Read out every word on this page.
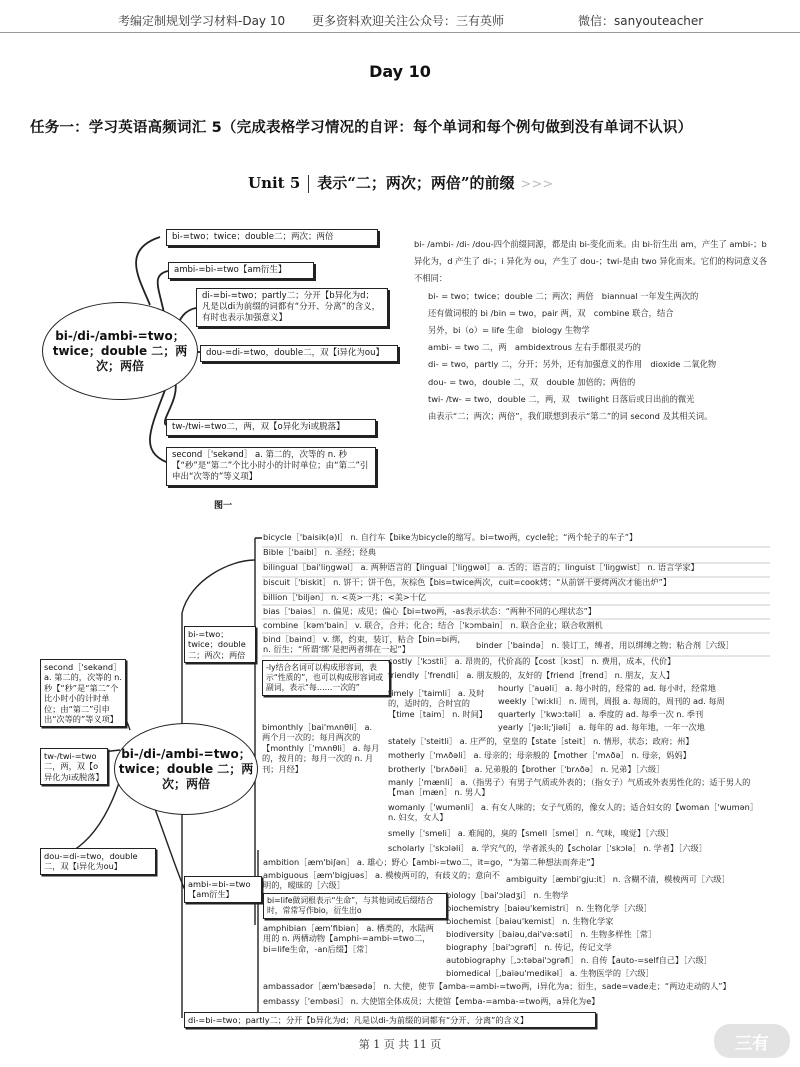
考编定制规划学习材料-Day 10 更多资料欢迎关注公众号：三有英师	微信：sanyouteacher
Day 10
任务一：学习英语高频词汇 5（完成表格学习情况的自评：每个单词和每个例句做到没有单词不认识）
Unit 5 表示“二；两次；两倍”的前缀 >>>
bi-/di-/ambi-=two；twice；double 二；两次；两倍
bi-=two；twice；double二；两次；两倍
ambi-=bi-=two【am衍生】
di-=bi-=two；partly二；分开【b异化为d；凡是以di为前缀的词都有“分开、分离”的含义，有时也表示加强意义】
dou-=di-=two，double二，双【i异化为ou】
tw-/twi-=two二，两，双【o异化为i或脱落】
second［'sekənd］ a. 第二的，次等的 n. 秒【“秒”是“第二”个比小时小的计时单位；由“第二”引申出“次等的”等义项】
图一

bi- /ambi- /di- /dou-四个前缀同源，都是由 bi-变化而来。由 bi-衍生出 am，产生了 ambi-；b 异化为，d 产生了 di-；i 异化为 ou，产生了 dou-；twi-是由 two 异化而来。它们的构词意义各不相同：

bi- = two；twice；double 二；两次；两倍　biannual 一年发生两次的

还有做词根的 bi /bin = two，pair 两，双　combine 联合，结合

另外，bi（o）= life 生命　biology 生物学

ambi- = two 二，两　ambidextrous 左右手都很灵巧的

di- = two，partly 二，分开；另外，还有加强意义的作用　dioxide 二氧化物

dou- = two，double 二，双　double 加倍的；两倍的

twi- /tw- = two，double 二，两，双　twilight 日落后或日出前的微光

由表示“二；两次；两倍”，我们联想到表示“第二”的词 second 及其相关词。

bi-/di-/ambi-=two；twice；double 二；两次；两倍
second［'sekənd］ a. 第二的，次等的 n. 秒【“秒”是“第二”个比小时小的计时单位；由“第二”引申出“次等的”等义项】
tw-/twi-=two二，两，双【o异化为i或脱落】
dou-=di-=two，double二，双【i异化为ou】
bi-=two；twice；double二；两次；两倍
ambi-=bi-=two【am衍生】
bicycle［'baisik(ə)l］ n. 自行车【bike为bicycle的缩写。bi=two两，cycle轮；“两个轮子的车子”】
Bible［'baibl］ n. 圣经；经典
bilingual［bai'liŋgwəl］ a. 两种语言的【lingual［'liŋgwəl］ a. 舌的；语言的；linguist［'liŋgwist］ n. 语言学家】
biscuit［'biskit］ n. 饼干；饼干色，灰棕色【bis=twice两次，cuit=cook烤；“从前饼干要烤两次才能出炉”】
billion［'biljən］ n. <英>一兆；<美>十亿
bias［'baiəs］ n. 偏见；成见；偏心【bi=two两，-as表示状态：“两种不同的心理状态”】
combine［kəm'bain］ v. 联合，合并；化合；结合［'kɔmbain］ n. 联合企业；联合收割机
bind［baind］ v. 绑，约束，装订，粘合【bin=bi两，n. 衍生；“所谓‘绑’是把两者绑在一起”】	binder［'baində］ n. 装订工，缚者，用以绑缚之物；粘合剂［六级］
-ly结合名词可以构成形容词，表示“性质的”，也可以构成形容词或副词，表示“每……一次的”
bimonthly［bai'mʌnθli］ a. 两个月一次的；每月两次的【monthly［'mʌnθli］ a. 每月的，按月的；每月一次的 n. 月刊；月经】
timely［'taimli］ a. 及时的，适时的，合时宜的【time［taim］ n. 时间】
costly［'kɔstli］ a. 昂贵的，代价高的【cost［kɔst］ n. 费用，成本，代价】
friendly［'frendli］ a. 朋友般的，友好的【friend［frend］ n. 朋友，友人】
hourly［'auəli］ a. 每小时的，经常的 ad. 每小时，经常地
weekly［'wi:kli］ n. 周刊，周报 a. 每周的，周刊的 ad. 每周
quarterly［'kwɔ:təli］ a. 季度的 ad. 每季一次 n. 季刊
yearly［'jə:li;'jiəli］ a. 每年的 ad. 每年地，一年一次地
stately［'steitli］ a. 庄严的，堂皇的【state［steit］ n. 情形，状态；政府；州】
motherly［'mʌðəli］ a. 母亲的；母亲般的【mother［'mʌðə］ n. 母亲，妈妈】
brotherly［'brʌðəli］ a. 兄弟般的【brother［'brʌðə］ n. 兄弟】［六级］
manly［'mænli］ a.（指男子）有男子气质或外表的；（指女子）气质或外表男性化的；适于男人的【man［mæn］ n. 男人】
womanly［'wumənli］ a. 有女人味的；女子气质的，像女人的；适合妇女的【woman［'wumən］ n. 妇女，女人】
smelly［'smeli］ a. 难闻的，臭的【smell［smel］ n. 气味，嗅觉】［六级］
scholarly［'skɔləli］ a. 学究气的，学者派头的【scholar［'skɔlə］ n. 学者】［六级］
ambition［æm'biʃən］ a. 雄心；野心【ambi-=two二，it=go，“为第二种想法而奔走”】
ambiguous［æm'bigjuəs］ a. 模棱两可的，有歧义的；意向不明的，暧昧的［六级］
ambiguity［æmbi'gju:it］ n. 含糊不清，模棱两可［六级］
bi=life做词根表示“生命”，与其他词或后缀结合时，常常写作bio，衍生出o
amphibian［æm'fibiən］ a. 栖类的，水陆两用的 n. 两栖动物【amphi-=ambi-=two二，bi=life生命，-an后缀】［常］
ambassador［æm'bæsədə］ n. 大使，使节【amba-=ambi-=two两，i异化为a；衍生，sade=vade走；“两边走动的人”】
embassy［'embəsi］ n. 大使馆全体成员；大使馆【emba-=amba-=two两，a异化为e】
biology［bai'ɔlədʒi］ n. 生物学
biochemistry［baiəu'kemistri］ n. 生物化学［六级］
biochemist［baiəu'kemist］ n. 生物化学家
biodiversity［baiəu,dai'və:səti］ n. 生物多样性［常］
biography［bai'ɔgrəfi］ n. 传记，传记文学
autobiography［,ɔ:təbai'ɔgrəfi］ n. 自传【auto-=self自己】［六级］
biomedical［,baiəu'medikəl］ a. 生物医学的［六级］
di-=bi-=two；partly二；分开【b异化为d；凡是以di-为前缀的词都有“分开、分离”的含义】
第 1 页 共 11 页	三有
